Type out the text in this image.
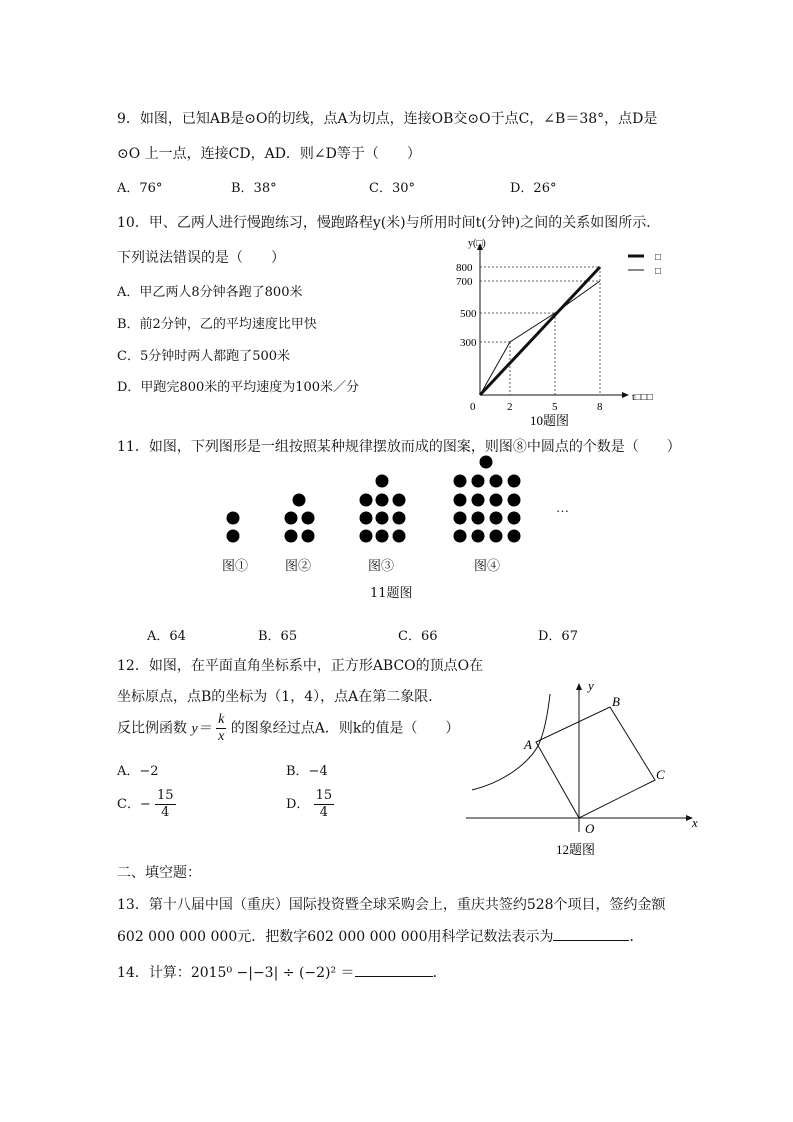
9．如图，已知AB是⊙O的切线，点A为切点，连接OB交⊙O于点C，∠B＝38°，点D是
⊙O 上一点，连接CD，AD．则∠D等于（　　）
A．76°	B．38°	C．30°	D．26°
10．甲、乙两人进行慢跑练习，慢跑路程y(米)与所用时间t(分钟)之间的关系如图所示．
下列说法错误的是（　　）
A．甲乙两人8分钟各跑了800米
B．前2分钟，乙的平均速度比甲快
C．5分钟时两人都跑了500米
D．甲跑完800米的平均速度为100米／分
800
700
500
300
0	2	5	8
y(□)
t□□□
□
□
10题图
11．如图，下列图形是一组按照某种规律摆放而成的图案，则图⑧中圆点的个数是（　　）
…
图①	图②	图③	图④
11题图
A．64	B．65	C．66	D．67
12．如图，在平面直角坐标系中，正方形ABCO的顶点O在
坐标原点，点B的坐标为（1，4），点A在第二象限．
反比例函数 $y= \frac{k}{x}$ 的图象经过点A．则k的值是（　　）
A．−2	B．−4
C．− $\frac{15}{4}$	D． $\frac{15}{4}$
A
B
C
O	x
y
12题图
二、填空题：
13．第十八届中国（重庆）国际投资暨全球采购会上，重庆共签约528个项目，签约金额
602 000 000 000元．把数字602 000 000 000用科学记数法表示为	．
14．计算：2015⁰ −|−3| ÷ (−2)² ＝	．
